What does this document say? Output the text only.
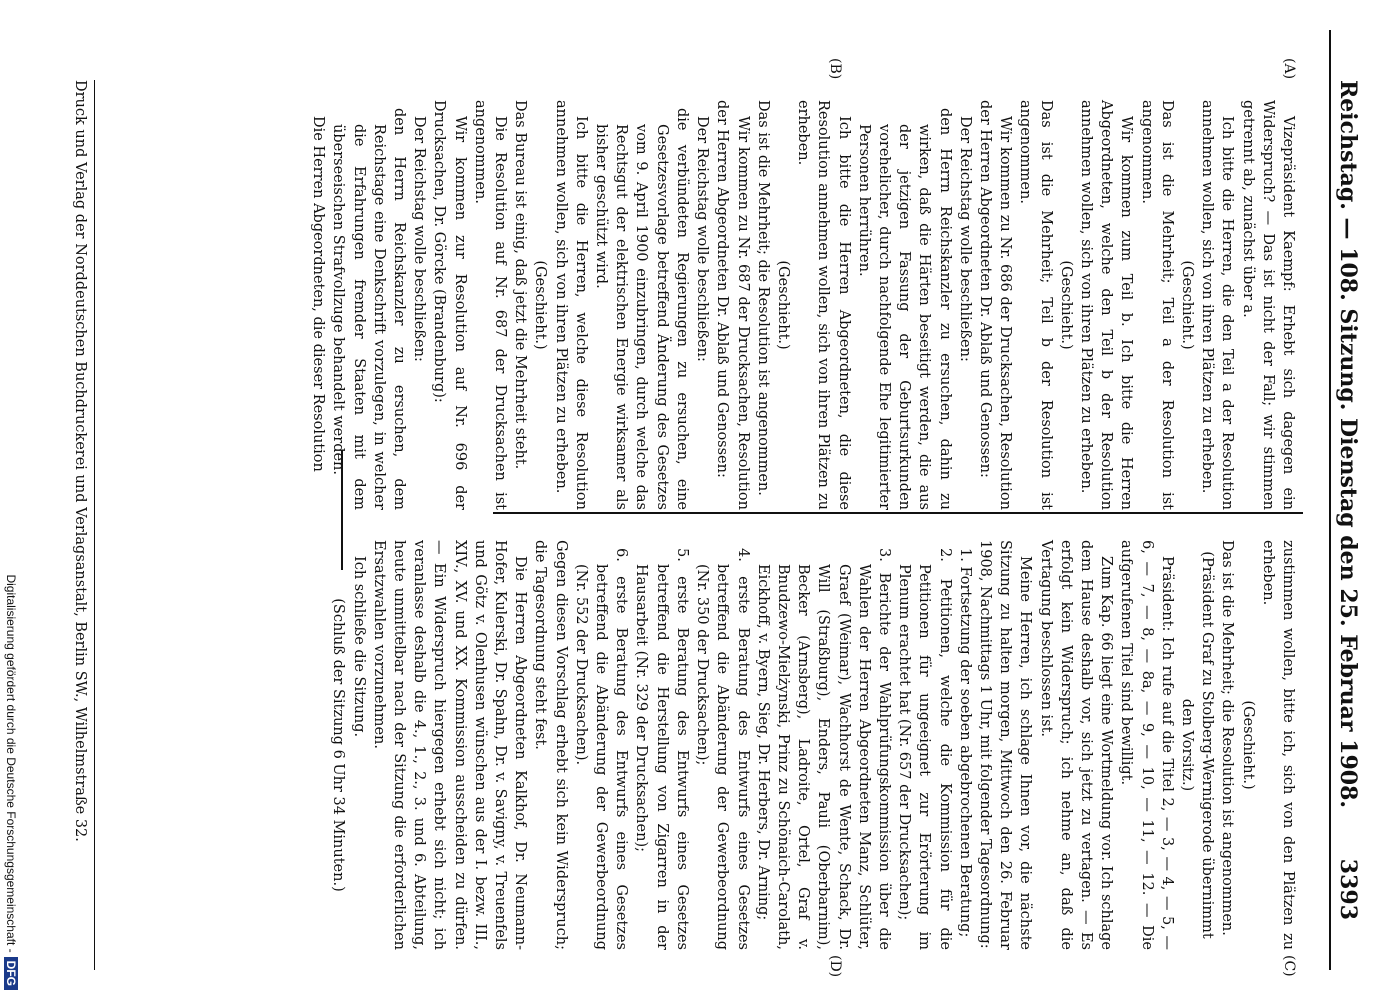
Reichstag. — 108. Sitzung. Dienstag den 25. Februar 1908.
3393
(A)
(B)
(C)
(D)

Vizepräsident Kaempf: Erhebt sich dagegen ein Widerspruch? — Das ist nicht der Fall; wir stimmen getrennt ab, zunächst über a.

Ich bitte die Herren, die den Teil a der Resolution annehmen wollen, sich von ihren Plätzen zu erheben.

(Geschieht.)

Das ist die Mehrheit; Teil a der Resolution ist angenommen.

Wir kommen zum Teil b. Ich bitte die Herren Abgeordneten, welche den Teil b der Resolution annehmen wollen, sich von ihren Plätzen zu erheben.

(Geschieht.)

Das ist die Mehrheit; Teil b der Resolution ist angenommen.

Wir kommen zu Nr. 686 der Drucksachen, Resolution der Herren Abgeordneten Dr. Ablaß und Genossen:

Der Reichstag wolle beschließen:

den Herrn Reichskanzler zu ersuchen, dahin zu wirken, daß die Härten beseitigt werden, die aus der jetzigen Fassung der Geburtsurkunden vorehelicher, durch nachfolgende Ehe legitimierter Personen herrühren.

Ich bitte die Herren Abgeordneten, die diese Resolution annehmen wollen, sich von ihren Plätzen zu erheben.

(Geschieht.)

Das ist die Mehrheit; die Resolution ist angenommen.

Wir kommen zu Nr. 687 der Drucksachen, Resolution der Herren Abgeordneten Dr. Ablaß und Genossen:

Der Reichstag wolle beschließen:

die verbündeten Regierungen zu ersuchen, eine Gesetzesvorlage betreffend Änderung des Gesetzes vom 9. April 1900 einzubringen, durch welche das Rechtsgut der elektrischen Energie wirksamer als bisher geschützt wird.

Ich bitte die Herren, welche diese Resolution annehmen wollen, sich von ihren Plätzen zu erheben.

(Geschieht.)

Das Bureau ist einig, daß jetzt die Mehrheit steht.

Die Resolution auf Nr. 687 der Drucksachen ist angenommen.

Wir kommen zur Resolution auf Nr. 696 der Drucksachen, Dr. Görcke (Brandenburg):

Der Reichstag wolle beschließen:

den Herrn Reichskanzler zu ersuchen, dem Reichstage eine Denkschrift vorzulegen, in welcher die Erfahrungen fremder Staaten mit dem überseeischen Strafvollzuge behandelt werden.

Die Herren Abgeordneten, die dieser Resolution

zustimmen wollen, bitte ich, sich von den Plätzen zu erheben.

(Geschieht.)

Das ist die Mehrheit; die Resolution ist angenommen.

(Präsident Graf zu Stolberg-Wernigerode übernimmt den Vorsitz.)

Präsident: Ich rufe auf die Titel 2, — 3, — 4, — 5, — 6, — 7, — 8, — 8a, — 9, — 10, — 11, — 12. — Die aufgerufenen Titel sind bewilligt.

Zum Kap. 66 liegt eine Wortmeldung vor. Ich schlage dem Hause deshalb vor, sich jetzt zu vertagen. — Es erfolgt kein Widerspruch; ich nehme an, daß die Vertagung beschlossen ist.

Meine Herren, ich schlage Ihnen vor, die nächste Sitzung zu halten morgen, Mittwoch den 26. Februar 1908, Nachmittags 1 Uhr, mit folgender Tagesordnung:

1. Fortsetzung der soeben abgebrochenen Beratung;

2. Petitionen, welche die Kommission für die Petitionen für ungeeignet zur Erörterung im Plenum erachtet hat (Nr. 657 der Drucksachen);

3. Berichte der Wahlprüfungskommission über die Wahlen der Herren Abgeordneten Manz, Schlüter, Graef (Weimar), Wachhorst de Wente, Schack, Dr. Will (Straßburg), Enders, Pauli (Oberbarnim), Becker (Arnsberg), Ladroite, Ortel, Graf v. Bnudzewo-Mielżynski, Prinz zu Schönaich-Carolath, Eickhoff, v. Byern, Sieg, Dr. Herbers, Dr. Arning;

4. erste Beratung des Entwurfs eines Gesetzes betreffend die Abänderung der Gewerbeordnung (Nr. 350 der Drucksachen);

5. erste Beratung des Entwurfs eines Gesetzes betreffend die Herstellung von Zigarren in der Hausarbeit (Nr. 329 der Drucksachen);

6. erste Beratung des Entwurfs eines Gesetzes betreffend die Abänderung der Gewerbeordnung (Nr. 552 der Drucksachen).

Gegen diesen Vorschlag erhebt sich kein Widerspruch; die Tagesordnung steht fest.

Die Herren Abgeordneten Kalkhof, Dr. Neumann-Hofer, Kulerski, Dr. Spahn, Dr. v. Savigny, v. Treuenfels und Götz v. Olenhusen wünschen aus der I. bezw. III., XIV., XV. und XX. Kommission ausscheiden zu dürfen. — Ein Widerspruch hiergegen erhebt sich nicht; ich veranlasse deshalb die 4., 1., 2., 3. und 6. Abteilung, heute unmittelbar nach der Sitzung die erforderlichen Ersatzwahlen vorzunehmen.

Ich schließe die Sitzung.

(Schluß der Sitzung 6 Uhr 34 Minuten.)

Druck und Verlag der Norddeutschen Buchdruckerei und Verlagsanstalt, Berlin SW., Wilhelmstraße 32.
Digitalisierung gefördert durch die Deutsche Forschungsgemeinschaft -DFG
